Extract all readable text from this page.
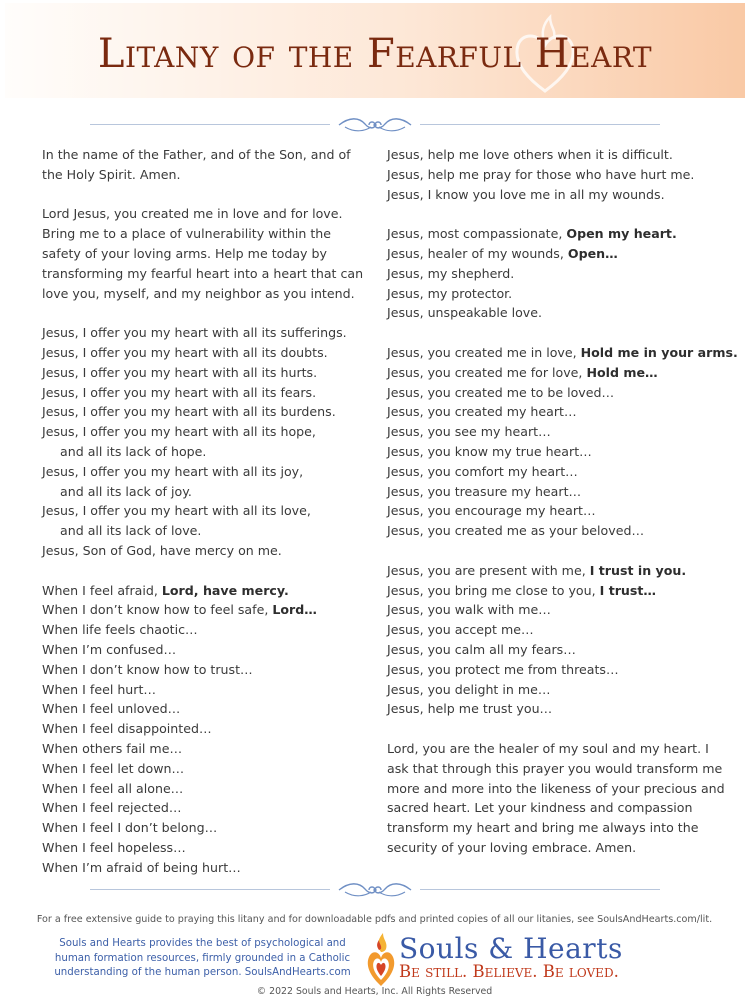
Litany of the Fearful Heart
In the name of the Father, and of the Son, and of the Holy Spirit. Amen.
Lord Jesus, you created me in love and for love. Bring me to a place of vulnerability within the safety of your loving arms. Help me today by transforming my fearful heart into a heart that can love you, myself, and my neighbor as you intend.
Jesus, I offer you my heart with all its sufferings.
Jesus, I offer you my heart with all its doubts.
Jesus, I offer you my heart with all its hurts.
Jesus, I offer you my heart with all its fears.
Jesus, I offer you my heart with all its burdens.
Jesus, I offer you my heart with all its hope,
and all its lack of hope.
Jesus, I offer you my heart with all its joy,
and all its lack of joy.
Jesus, I offer you my heart with all its love,
and all its lack of love.
Jesus, Son of God, have mercy on me.
When I feel afraid, Lord, have mercy.
When I don’t know how to feel safe, Lord…
When life feels chaotic…
When I’m confused…
When I don’t know how to trust…
When I feel hurt…
When I feel unloved…
When I feel disappointed…
When others fail me…
When I feel let down…
When I feel all alone…
When I feel rejected…
When I feel I don’t belong…
When I feel hopeless…
When I’m afraid of being hurt…
Jesus, help me love others when it is difficult.
Jesus, help me pray for those who have hurt me.
Jesus, I know you love me in all my wounds.
Jesus, most compassionate, Open my heart.
Jesus, healer of my wounds, Open…
Jesus, my shepherd.
Jesus, my protector.
Jesus, unspeakable love.
Jesus, you created me in love, Hold me in your arms.
Jesus, you created me for love, Hold me…
Jesus, you created me to be loved…
Jesus, you created my heart…
Jesus, you see my heart…
Jesus, you know my true heart…
Jesus, you comfort my heart…
Jesus, you treasure my heart…
Jesus, you encourage my heart…
Jesus, you created me as your beloved…
Jesus, you are present with me, I trust in you.
Jesus, you bring me close to you, I trust…
Jesus, you walk with me…
Jesus, you accept me…
Jesus, you calm all my fears…
Jesus, you protect me from threats…
Jesus, you delight in me…
Jesus, help me trust you…
Lord, you are the healer of my soul and my heart. I ask that through this prayer you would transform me more and more into the likeness of your precious and sacred heart. Let your kindness and compassion transform my heart and bring me always into the security of your loving embrace. Amen.
For a free extensive guide to praying this litany and for downloadable pdfs and printed copies of all our litanies, see SoulsAndHearts.com/lit.
Souls and Hearts provides the best of psychological and
human formation resources, firmly grounded in a Catholic
understanding of the human person. SoulsAndHearts.com
Souls & Hearts
Be still. Believe. Be loved.
© 2022 Souls and Hearts, Inc. All Rights Reserved
